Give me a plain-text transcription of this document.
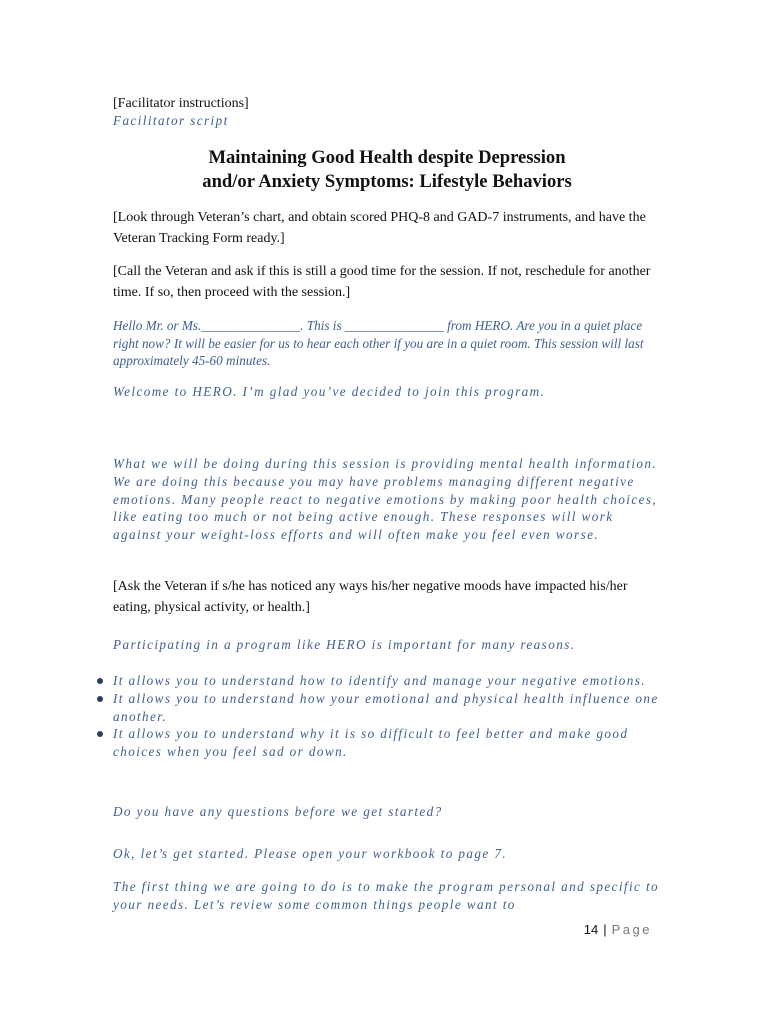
[Facilitator instructions]

Facilitator script

Maintaining Good Health despite Depression
and/or Anxiety Symptoms: Lifestyle Behaviors

[Look through Veteran’s chart, and obtain scored PHQ-8 and GAD-7 instruments, and have the Veteran Tracking Form ready.]

[Call the Veteran and ask if this is still a good time for the session. If not, reschedule for another time. If so, then proceed with the session.]

Hello Mr. or Ms._______________. This is _______________ from HERO. Are you in a quiet place right now? It will be easier for us to hear each other if you are in a quiet room. This session will last approximately 45-60 minutes.

Welcome to HERO. I’m glad you’ve decided to join this program.

What we will be doing during this session is providing mental health information. We are doing this because you may have problems managing different negative emotions. Many people react to negative emotions by making poor health choices, like eating too much or not being active enough. These responses will work against your weight-loss efforts and will often make you feel even worse.

[Ask the Veteran if s/he has noticed any ways his/her negative moods have impacted his/her eating, physical activity, or health.]

Participating in a program like HERO is important for many reasons.

It allows you to understand how to identify and manage your negative emotions.
It allows you to understand how your emotional and physical health influence one another.
It allows you to understand why it is so difficult to feel better and make good choices when you feel sad or down.

Do you have any questions before we get started?

Ok, let’s get started. Please open your workbook to page 7.

The first thing we are going to do is to make the program personal and specific to your needs. Let’s review some common things people want to

14 | Page
